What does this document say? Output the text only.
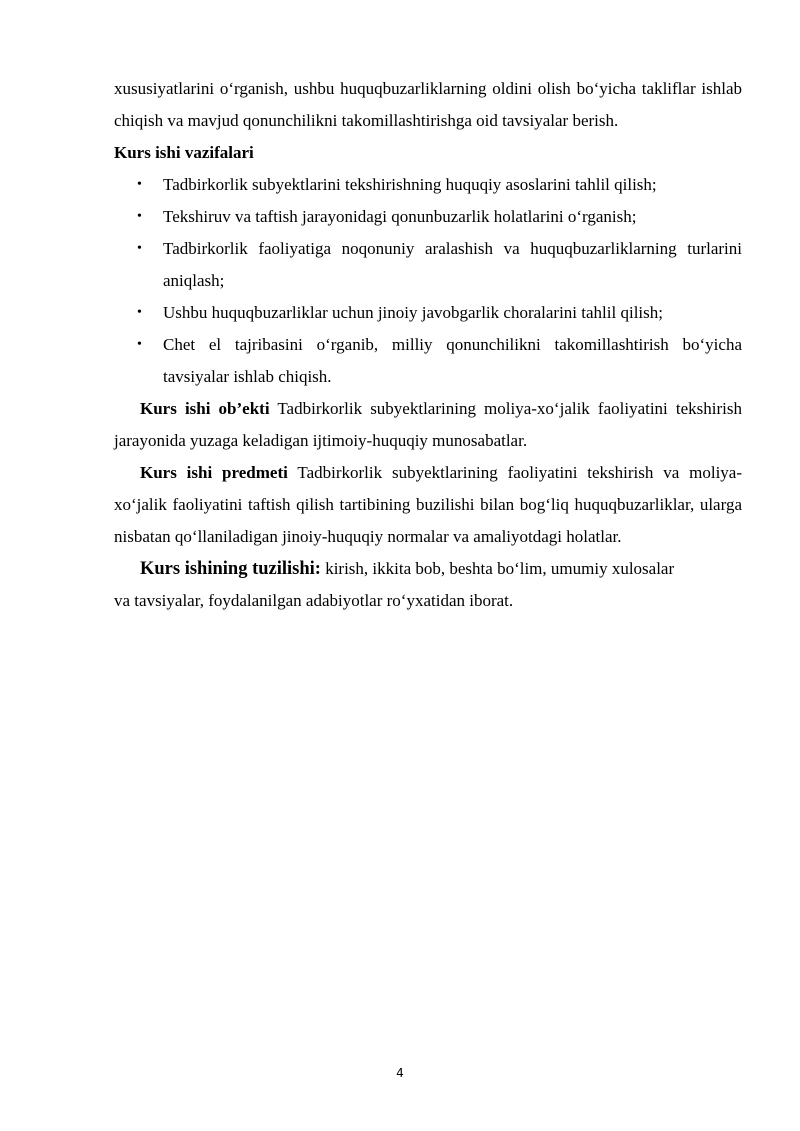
xususiyatlarini o‘rganish, ushbu huquqbuzarliklarning oldini olish bo‘yicha takliflar ishlab chiqish va mavjud qonunchilikni takomillashtirishga oid tavsiyalar berish.

Kurs ishi vazifalari

• Tadbirkorlik subyektlarini tekshirishning huquqiy asoslarini tahlil qilish;
• Tekshiruv va taftish jarayonidagi qonunbuzarlik holatlarini o‘rganish;
• Tadbirkorlik faoliyatiga noqonuniy aralashish va huquqbuzarliklarning turlarini aniqlash;
• Ushbu huquqbuzarliklar uchun jinoiy javobgarlik choralarini tahlil qilish;
• Chet el tajribasini o‘rganib, milliy qonunchilikni takomillashtirish bo‘yicha tavsiyalar ishlab chiqish.

Kurs ishi ob’ekti Tadbirkorlik subyektlarining moliya-xo‘jalik faoliyatini tekshirish jarayonida yuzaga keladigan ijtimoiy-huquqiy munosabatlar.

Kurs ishi predmeti Tadbirkorlik subyektlarining faoliyatini tekshirish va moliya-xo‘jalik faoliyatini taftish qilish tartibining buzilishi bilan bog‘liq huquqbuzarliklar, ularga nisbatan qo‘llaniladigan jinoiy-huquqiy normalar va amaliyotdagi holatlar.

Kurs ishining tuzilishi: kirish, ikkita bob, beshta bo‘lim, umumiy xulosalar
va tavsiyalar, foydalanilgan adabiyotlar ro‘yxatidan iborat.

4
